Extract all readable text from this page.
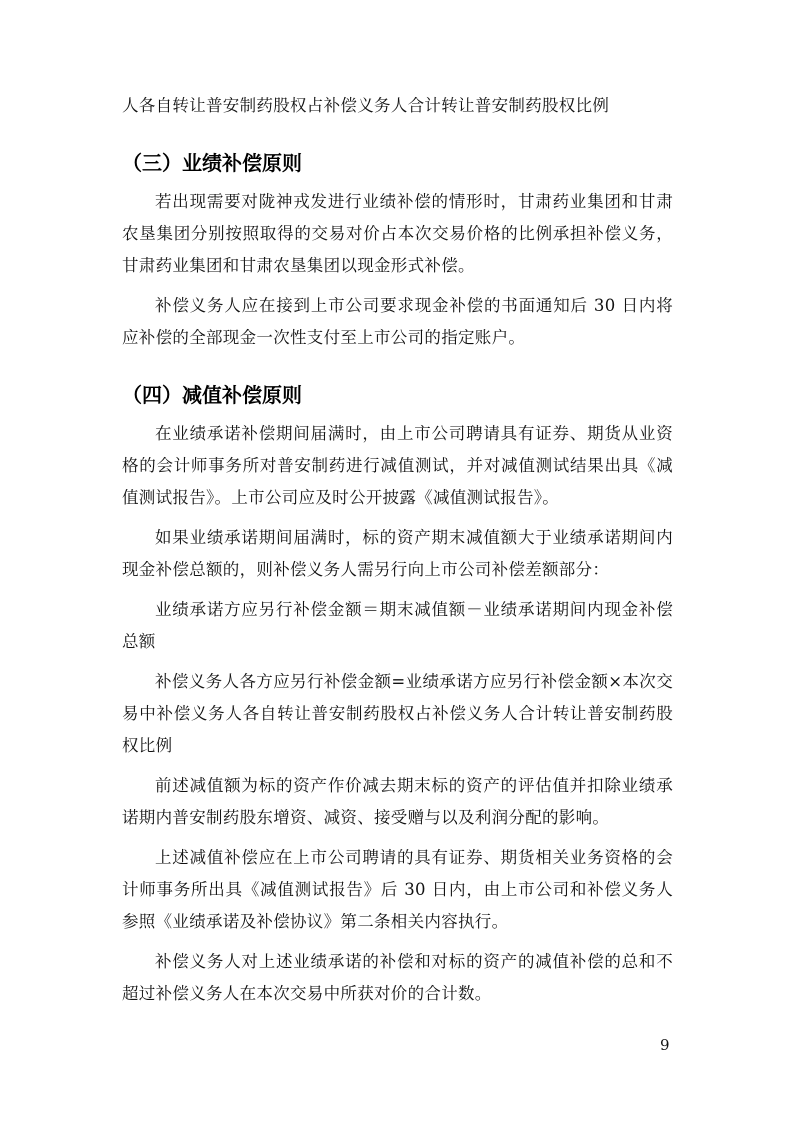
人各自转让普安制药股权占补偿义务人合计转让普安制药股权比例

（三）业绩补偿原则

若出现需要对陇神戎发进行业绩补偿的情形时，甘肃药业集团和甘肃农垦集团分别按照取得的交易对价占本次交易价格的比例承担补偿义务，甘肃药业集团和甘肃农垦集团以现金形式补偿。

补偿义务人应在接到上市公司要求现金补偿的书面通知后 30 日内将应补偿的全部现金一次性支付至上市公司的指定账户。

（四）减值补偿原则

在业绩承诺补偿期间届满时，由上市公司聘请具有证券、期货从业资格的会计师事务所对普安制药进行减值测试，并对减值测试结果出具《减值测试报告》。上市公司应及时公开披露《减值测试报告》。

如果业绩承诺期间届满时，标的资产期末减值额大于业绩承诺期间内现金补偿总额的，则补偿义务人需另行向上市公司补偿差额部分：

业绩承诺方应另行补偿金额＝期末减值额－业绩承诺期间内现金补偿总额

补偿义务人各方应另行补偿金额=业绩承诺方应另行补偿金额×本次交易中补偿义务人各自转让普安制药股权占补偿义务人合计转让普安制药股权比例

前述减值额为标的资产作价减去期末标的资产的评估值并扣除业绩承诺期内普安制药股东增资、减资、接受赠与以及利润分配的影响。

上述减值补偿应在上市公司聘请的具有证券、期货相关业务资格的会计师事务所出具《减值测试报告》后 30 日内，由上市公司和补偿义务人参照《业绩承诺及补偿协议》第二条相关内容执行。

补偿义务人对上述业绩承诺的补偿和对标的资产的减值补偿的总和不超过补偿义务人在本次交易中所获对价的合计数。

9
